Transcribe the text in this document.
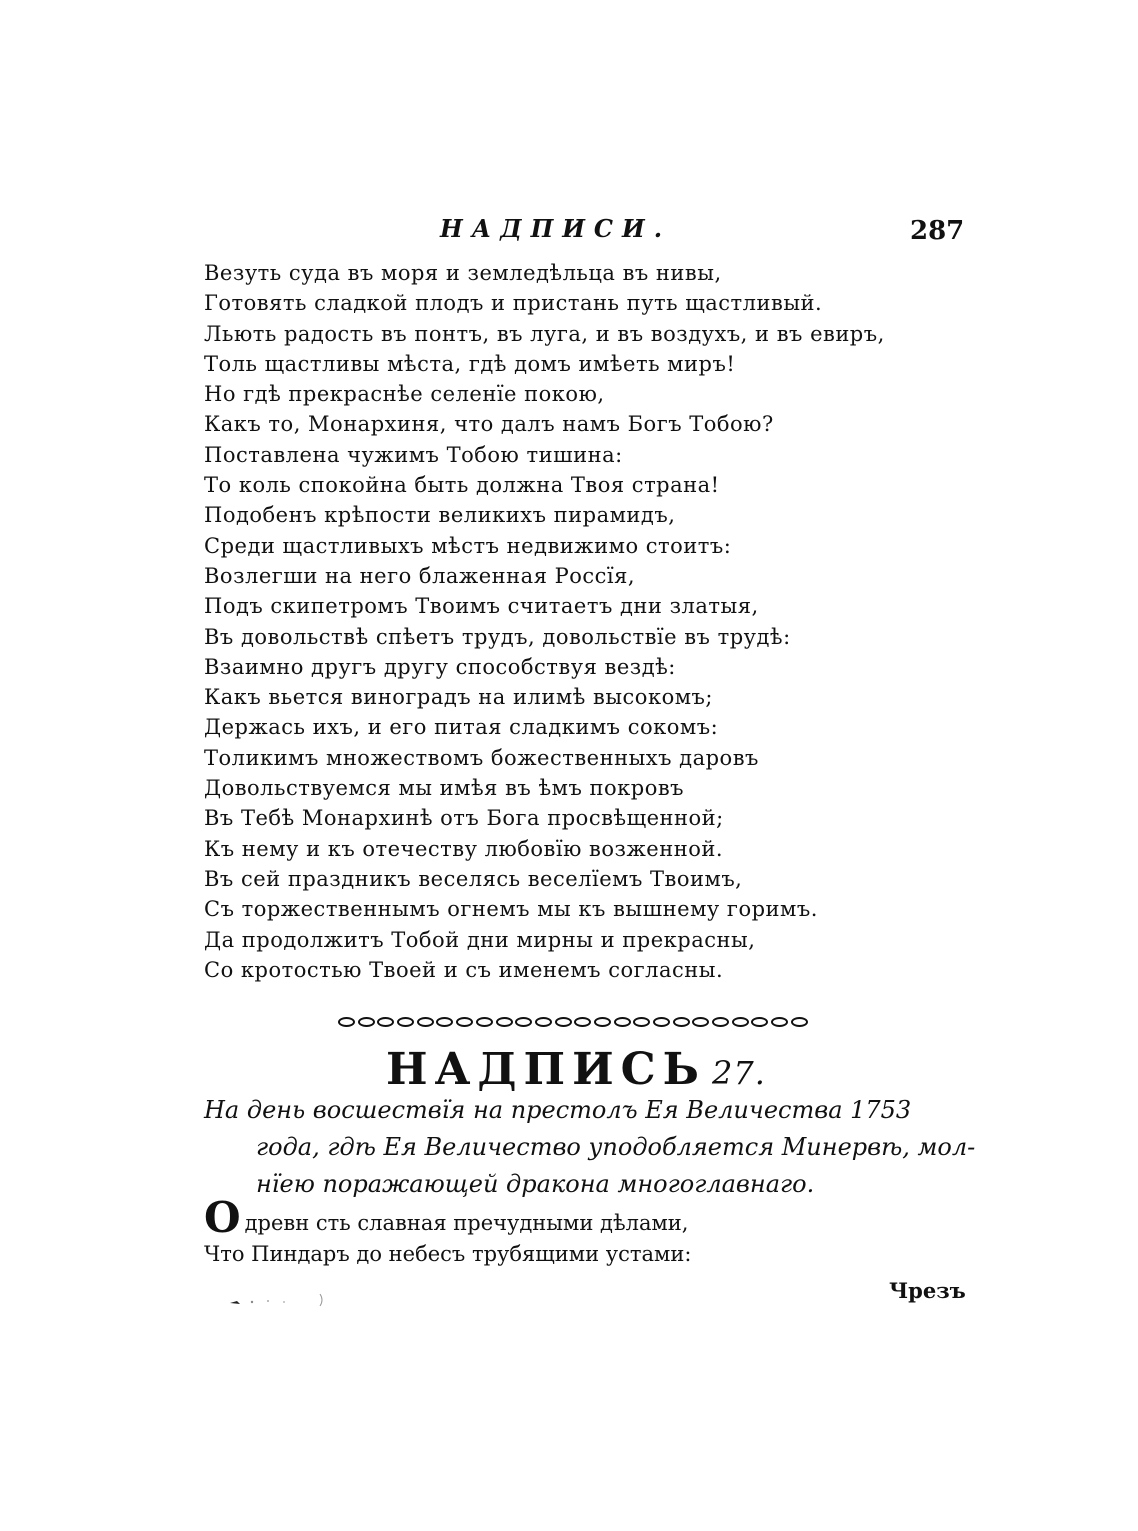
НАДПИСИ.	287
Везуть суда въ моря и земледѣльца въ нивы,
Готовять сладкой плодъ и пристань путь щастливый.
Льють радость въ понтъ, въ луга, и въ воздухъ, и въ евиръ,
Толь щастливы мѣста, гдѣ домъ имѣеть миръ!
Но гдѣ прекраснѣе селенїе покою,
Какъ то, Монархиня, что далъ намъ Богъ Тобою?
Поставлена чужимъ Тобою тишина:
То коль спокойна быть должна Твоя страна!
Подобенъ крѣпости великихъ пирамидъ,
Среди щастливыхъ мѣстъ недвижимо стоитъ:
Возлегши на него блаженная Россїя,
Подъ скипетромъ Твоимъ считаетъ дни златыя,
Въ довольствѣ спѣетъ трудъ, довольствїе въ трудѣ:
Взаимно другъ другу способствуя вездѣ:
Какъ вьется виноградъ на илимѣ высокомъ;
Держась ихъ, и его питая сладкимъ сокомъ:
Толикимъ множествомъ божественныхъ даровъ
Довольствуемся мы имѣя въ ѣмъ покровъ
Въ Тебѣ Монархинѣ отъ Бога просвѣщенной;
Къ нему и къ отечеству любовїю возженной.
Въ сей праздникъ веселясь веселїемъ Твоимъ,
Съ торжественнымъ огнемъ мы къ вышнему горимъ.
Да продолжитъ Тобой дни мирны и прекрасны,
Со кротостью Твоей и съ именемъ согласны.
НАДПИСЬ 27.
На день восшествїя на престолъ Ея Величества 1753
года, гдѣ Ея Величество уподобляется Минервѣ, мол-
нїею поражающей дракона многоглавнаго.
Одревн сть славная пречудными дѣлами,
Что Пиндаръ до небесъ трубящими устами:
Чрезъ
